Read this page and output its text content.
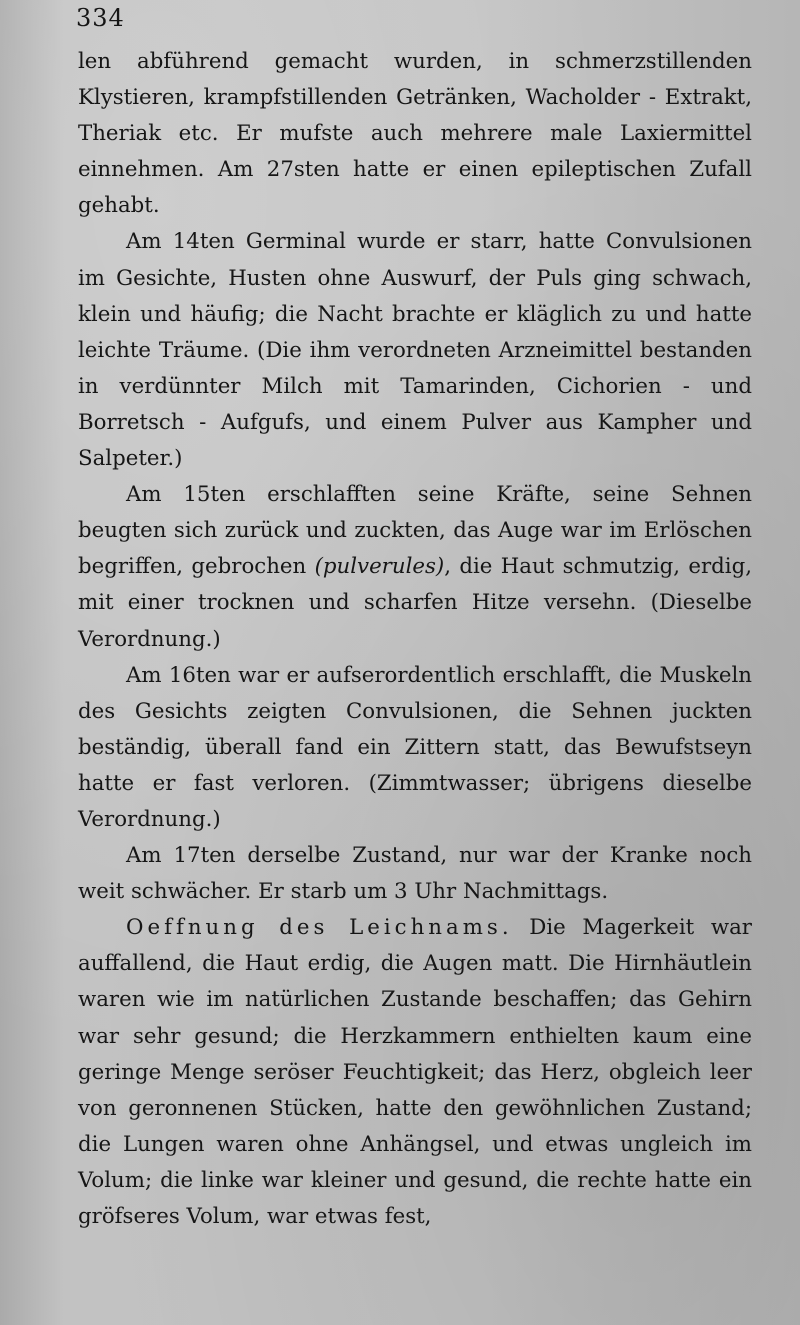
334

len abführend gemacht wurden, in schmerzstillenden Klystieren, krampfstillenden Getränken, Wacholder - Extrakt, Theriak etc. Er mufste auch mehrere male Laxiermittel einnehmen. Am 27sten hatte er einen epileptischen Zufall gehabt.

Am 14ten Germinal wurde er starr, hatte Convulsionen im Gesichte, Husten ohne Auswurf, der Puls ging schwach, klein und häufig; die Nacht brachte er kläglich zu und hatte leichte Träume. (Die ihm verordneten Arzneimittel bestanden in verdünnter Milch mit Tamarinden, Cichorien - und Borretsch - Aufgufs, und einem Pulver aus Kampher und Salpeter.)

Am 15ten erschlafften seine Kräfte, seine Sehnen beugten sich zurück und zuckten, das Auge war im Erlöschen begriffen, gebrochen (pulverules), die Haut schmutzig, erdig, mit einer trocknen und scharfen Hitze versehn. (Dieselbe Verordnung.)

Am 16ten war er aufserordentlich erschlafft, die Muskeln des Gesichts zeigten Convulsionen, die Sehnen juckten beständig, überall fand ein Zittern statt, das Bewufstseyn hatte er fast verloren. (Zimmtwasser; übrigens dieselbe Verordnung.)

Am 17ten derselbe Zustand, nur war der Kranke noch weit schwächer. Er starb um 3 Uhr Nachmittags.

Oeffnung des Leichnams. Die Magerkeit war auffallend, die Haut erdig, die Augen matt. Die Hirnhäutlein waren wie im natürlichen Zustande beschaffen; das Gehirn war sehr gesund; die Herzkammern enthielten kaum eine geringe Menge seröser Feuchtigkeit; das Herz, obgleich leer von geronnenen Stücken, hatte den gewöhnlichen Zustand; die Lungen waren ohne Anhängsel, und etwas ungleich im Volum; die linke war kleiner und gesund, die rechte hatte ein gröfseres Volum, war etwas fest,
